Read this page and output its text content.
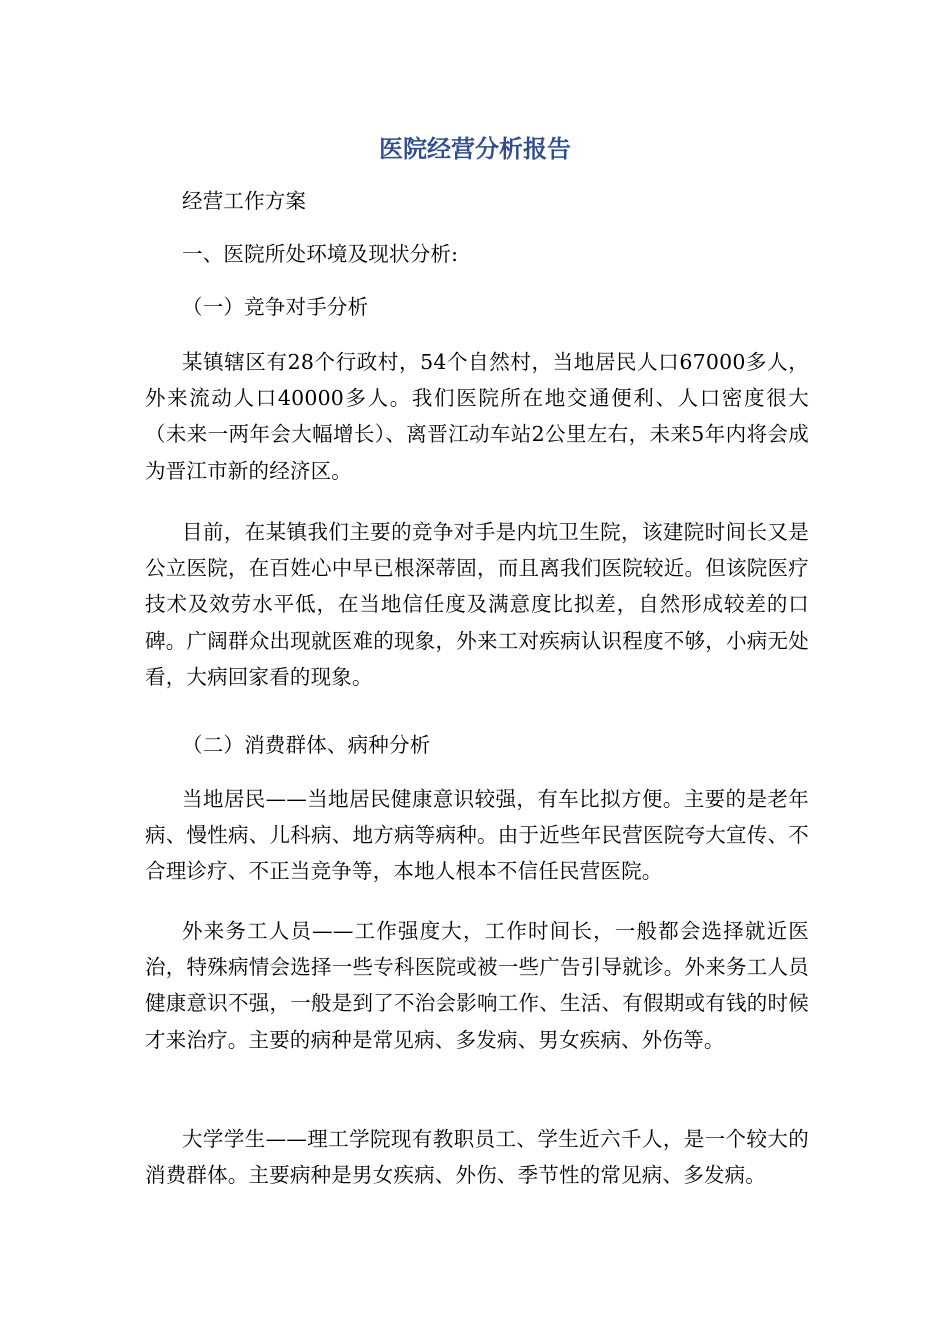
医院经营分析报告
经营工作方案
一、医院所处环境及现状分析:
（一）竞争对手分析
某镇辖区有28个行政村，54个自然村，当地居民人口67000多人，外来流动人口40000多人。我们医院所在地交通便利、人口密度很大（未来一两年会大幅增长）、离晋江动车站2公里左右，未来5年内将会成为晋江市新的经济区。
目前，在某镇我们主要的竞争对手是内坑卫生院，该建院时间长又是公立医院，在百姓心中早已根深蒂固，而且离我们医院较近。但该院医疗技术及效劳水平低，在当地信任度及满意度比拟差，自然形成较差的口碑。广阔群众出现就医难的现象，外来工对疾病认识程度不够，小病无处看，大病回家看的现象。
（二）消费群体、病种分析
当地居民——当地居民健康意识较强，有车比拟方便。主要的是老年病、慢性病、儿科病、地方病等病种。由于近些年民营医院夸大宣传、不合理诊疗、不正当竞争等，本地人根本不信任民营医院。
外来务工人员——工作强度大，工作时间长，一般都会选择就近医治，特殊病情会选择一些专科医院或被一些广告引导就诊。外来务工人员健康意识不强，一般是到了不治会影响工作、生活、有假期或有钱的时候才来治疗。主要的病种是常见病、多发病、男女疾病、外伤等。
大学学生——理工学院现有教职员工、学生近六千人，是一个较大的消费群体。主要病种是男女疾病、外伤、季节性的常见病、多发病。
